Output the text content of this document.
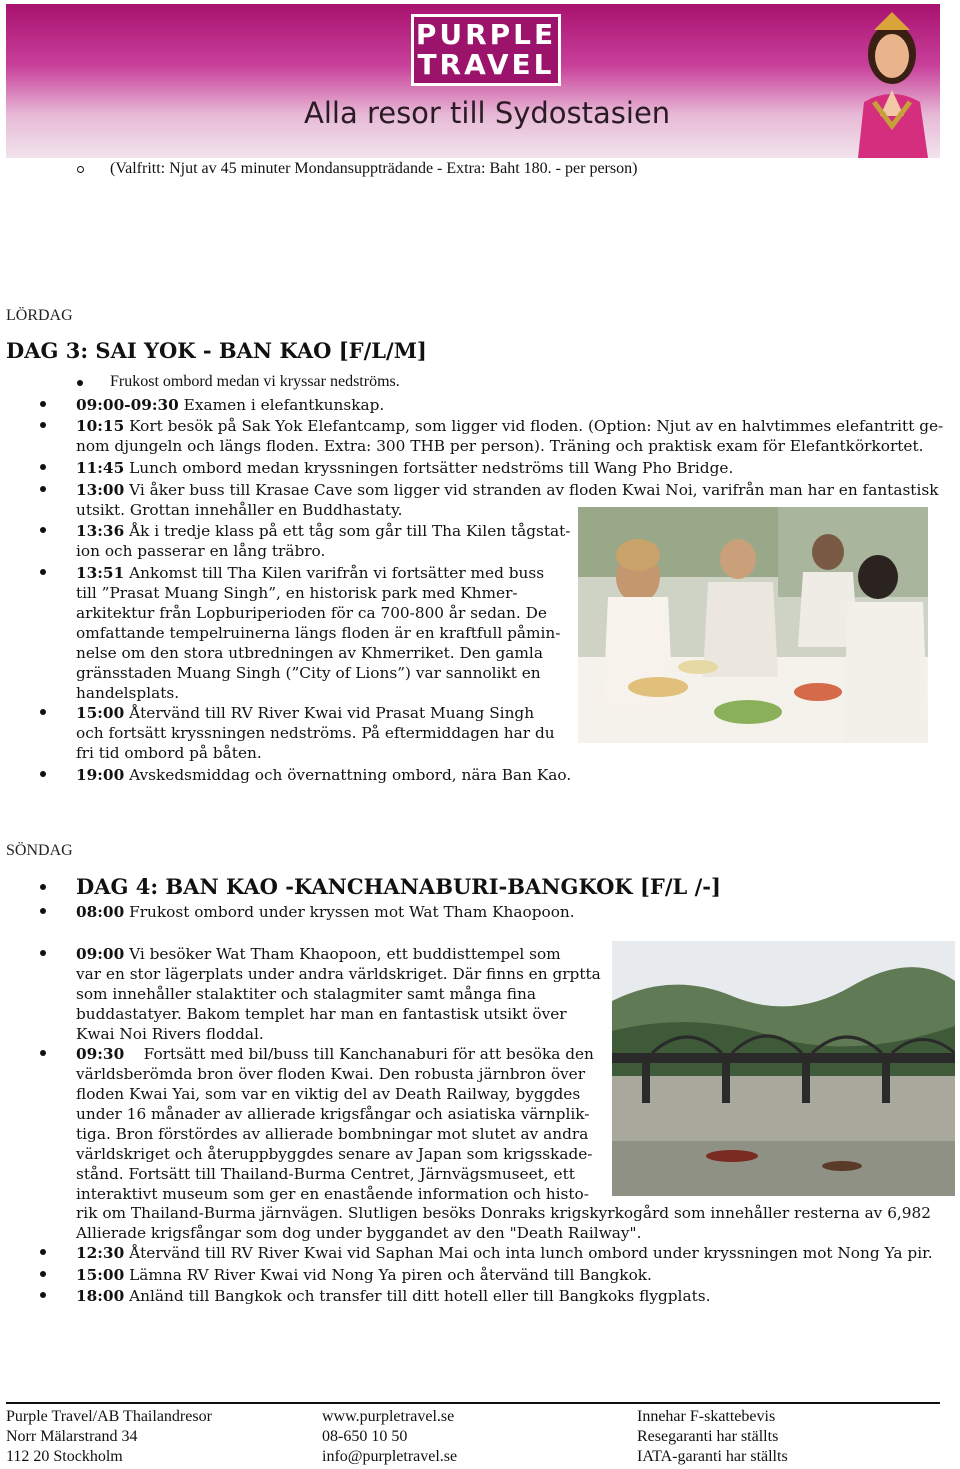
PURPLE
TRAVEL
Alla resor till Sydostasien
(Valfritt: Njut av 45 minuter Mondansuppträdande - Extra: Baht 180. - per person)
LÖRDAG
DAG 3: SAI YOK - BAN KAO [F/L/M]
Frukost ombord medan vi kryssar nedströms.
09:00-09:30 Examen i elefantkunskap.
10:15 Kort besök på Sak Yok Elefantcamp, som ligger vid floden. (Option: Njut av en halvtimmes elefantritt ge-
nom djungeln och längs floden. Extra: 300 THB per person). Träning och praktisk exam för Elefantkörkortet.
11:45 Lunch ombord medan kryssningen fortsätter nedströms till Wang Pho Bridge.
13:00 Vi åker buss till Krasae Cave som ligger vid stranden av floden Kwai Noi, varifrån man har en fantastisk
utsikt. Grottan innehåller en Buddhastaty.
13:36 Åk i tredje klass på ett tåg som går till Tha Kilen tågstat-
ion och passerar en lång träbro.
13:51 Ankomst till Tha Kilen varifrån vi fortsätter med buss
till ”Prasat Muang Singh”, en historisk park med Khmer-
arkitektur från Lopburiperioden för ca 700-800 år sedan. De
omfattande tempelruinerna längs floden är en kraftfull påmin-
nelse om den stora utbredningen av Khmerriket. Den gamla
gränsstaden Muang Singh (”City of Lions”) var sannolikt en
handelsplats.
15:00 Återvänd till RV River Kwai vid Prasat Muang Singh
och fortsätt kryssningen nedströms. På eftermiddagen har du
fri tid ombord på båten.
19:00 Avskedsmiddag och övernattning ombord, nära Ban Kao.
SÖNDAG
DAG 4: BAN KAO -KANCHANABURI-BANGKOK [F/L /-]
08:00 Frukost ombord under kryssen mot Wat Tham Khaopoon.
09:00 Vi besöker Wat Tham Khaopoon, ett buddisttempel som
var en stor lägerplats under andra världskriget. Där finns en grptta
som innehåller stalaktiter och stalagmiter samt många fina
buddastatyer. Bakom templet har man en fantastisk utsikt över
Kwai Noi Rivers floddal.
09:30    Fortsätt med bil/buss till Kanchanaburi för att besöka den
världsberömda bron över floden Kwai. Den robusta järnbron över
floden Kwai Yai, som var en viktig del av Death Railway, byggdes
under 16 månader av allierade krigsfångar och asiatiska värnplik-
tiga. Bron förstördes av allierade bombningar mot slutet av andra
världskriget och återuppbyggdes senare av Japan som krigsskade-
stånd. Fortsätt till Thailand-Burma Centret, Järnvägsmuseet, ett
interaktivt museum som ger en enastående information och histo-
rik om Thailand-Burma järnvägen. Slutligen besöks Donraks krigskyrkogård som innehåller resterna av 6,982
Allierade krigsfångar som dog under byggandet av den "Death Railway".
12:30 Återvänd till RV River Kwai vid Saphan Mai och inta lunch ombord under kryssningen mot Nong Ya pir.
15:00 Lämna RV River Kwai vid Nong Ya piren och återvänd till Bangkok.
18:00 Anländ till Bangkok och transfer till ditt hotell eller till Bangkoks flygplats.
Purple Travel/AB Thailandresor
Norr Mälarstrand 34
112 20 Stockholm
www.purpletravel.se
08-650 10 50
info@purpletravel.se
Innehar F-skattebevis
Resegaranti har ställts
IATA-garanti har ställts
